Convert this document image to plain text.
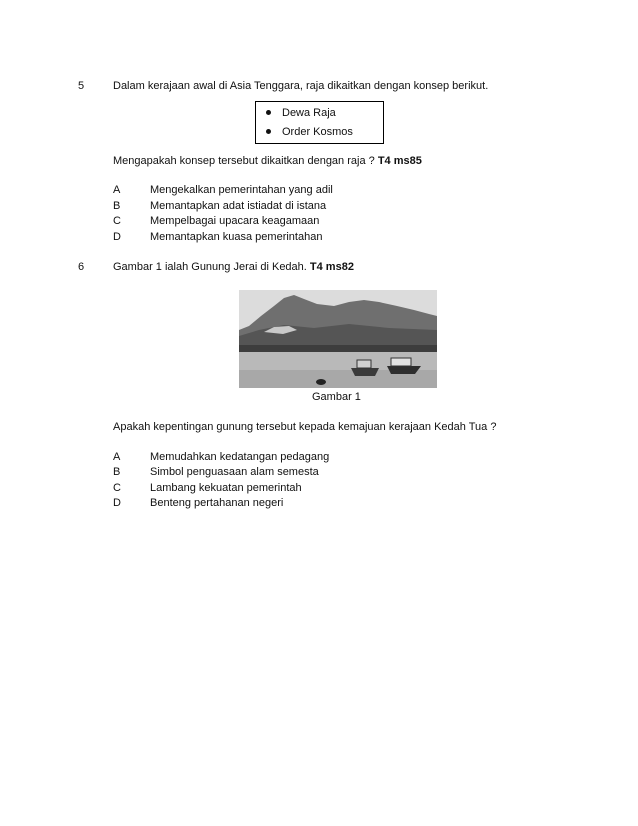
5	Dalam kerajaan awal di Asia Tenggara, raja dikaitkan dengan konsep berikut.
Dewa Raja
Order Kosmos
Mengapakah konsep tersebut dikaitkan dengan raja ? T4 ms85
A	Mengekalkan pemerintahan yang adil
B	Memantapkan adat istiadat di istana
C	Mempelbagai upacara keagamaan
D	Memantapkan kuasa pemerintahan
6	Gambar 1 ialah Gunung Jerai di Kedah. T4 ms82
Gambar 1
Apakah kepentingan gunung tersebut kepada kemajuan kerajaan Kedah Tua ?
A	Memudahkan kedatangan pedagang
B	Simbol penguasaan alam semesta
C	Lambang kekuatan pemerintah
D	Benteng pertahanan negeri
